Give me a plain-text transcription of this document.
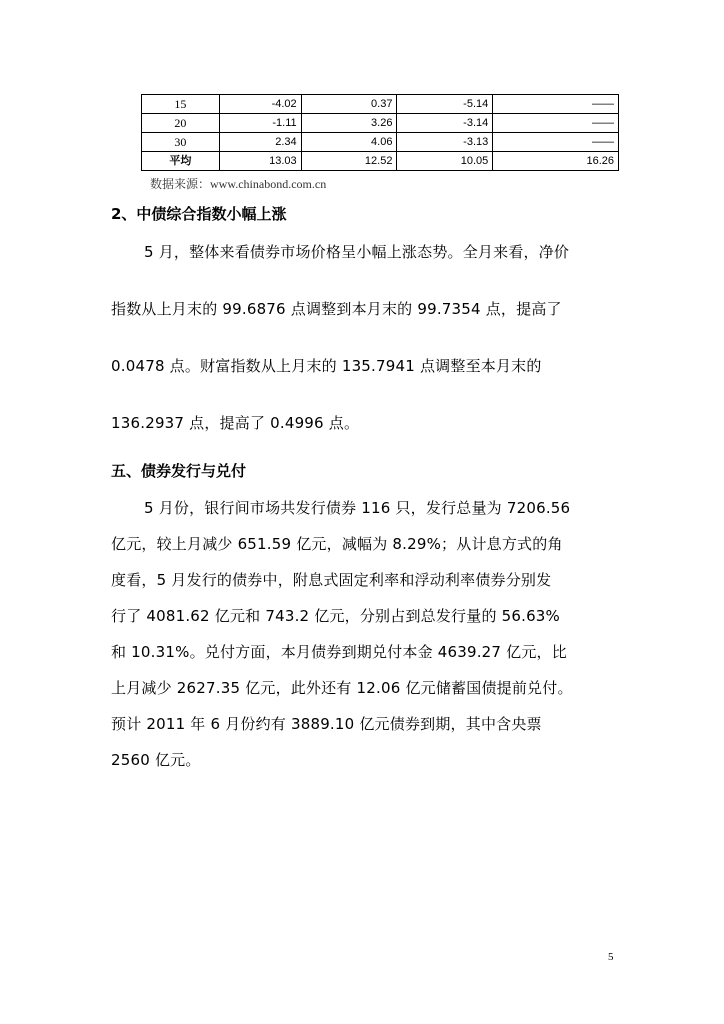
15	-4.02	0.37	-5.14	——
20	-1.11	3.26	-3.14	——
30	2.34	4.06	-3.13	——
平均	13.03	12.52	10.05	16.26
数据来源：www.chinabond.com.cn
2、中债综合指数小幅上涨
5 月，整体来看债券市场价格呈小幅上涨态势。全月来看，净价
指数从上月末的 99.6876 点调整到本月末的 99.7354 点，提高了
0.0478 点。财富指数从上月末的 135.7941 点调整至本月末的
136.2937 点，提高了 0.4996 点。
五、债券发行与兑付
5 月份，银行间市场共发行债券 116 只，发行总量为 7206.56
亿元，较上月减少 651.59 亿元，减幅为 8.29%；从计息方式的角
度看，5 月发行的债券中，附息式固定利率和浮动利率债券分别发
行了 4081.62 亿元和 743.2 亿元，分别占到总发行量的 56.63%
和 10.31%。兑付方面，本月债券到期兑付本金 4639.27 亿元，比
上月减少 2627.35 亿元，此外还有 12.06 亿元储蓄国债提前兑付。
预计 2011 年 6 月份约有 3889.10 亿元债券到期，其中含央票
2560 亿元。
5
